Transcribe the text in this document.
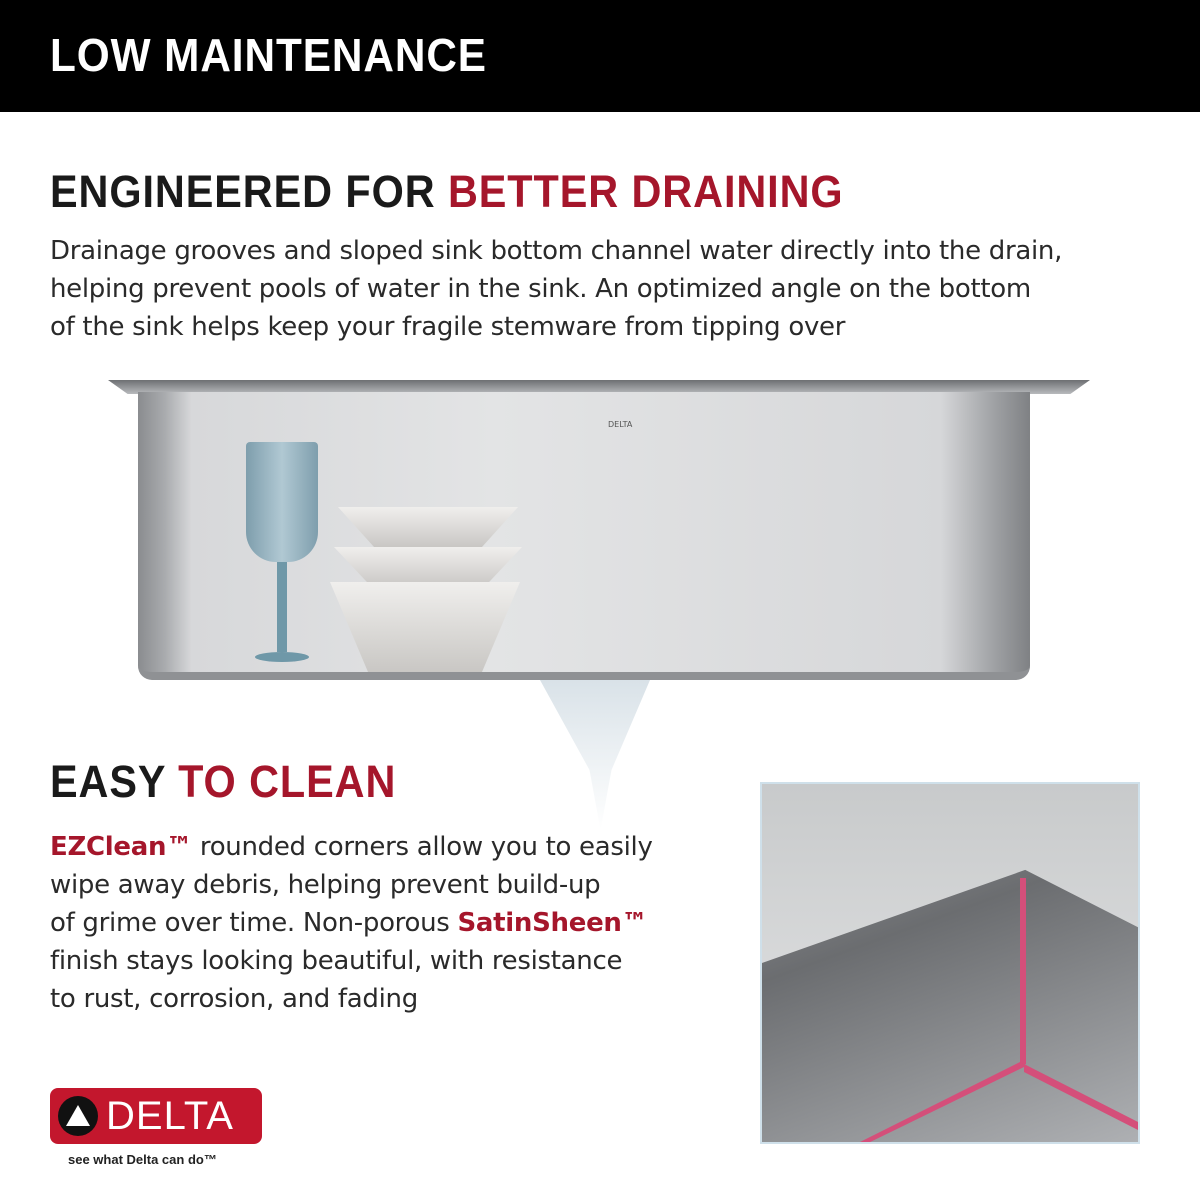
LOW MAINTENANCE
ENGINEERED FOR BETTER DRAINING
Drainage grooves and sloped sink bottom channel water directly into the drain,
helping prevent pools of water in the sink. An optimized angle on the bottom
of the sink helps keep your fragile stemware from tipping over
DELTA
EASY TO CLEAN
EZClean™ rounded corners allow you to easily
wipe away debris, helping prevent build-up
of grime over time. Non-porous SatinSheen™
finish stays looking beautiful, with resistance
to rust, corrosion, and fading
DELTA
see what Delta can do™
